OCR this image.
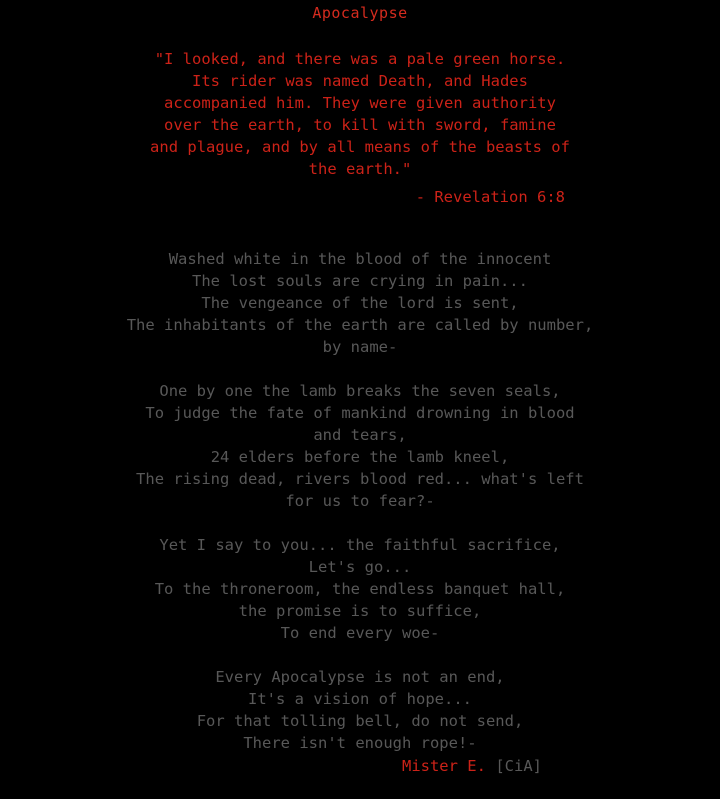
Apocalypse
"I looked, and there was a pale green horse.
Its rider was named Death, and Hades
accompanied him. They were given authority
over the earth, to kill with sword, famine
and plague, and by all means of the beasts of
the earth."
- Revelation 6:8
Washed white in the blood of the innocent
The lost souls are crying in pain...
The vengeance of the lord is sent,
The inhabitants of the earth are called by number,
by name-
One by one the lamb breaks the seven seals,
To judge the fate of mankind drowning in blood
and tears,
24 elders before the lamb kneel,
The rising dead, rivers blood red... what's left
for us to fear?-
Yet I say to you... the faithful sacrifice,
Let's go...
To the throneroom, the endless banquet hall,
the promise is to suffice,
To end every woe-
Every Apocalypse is not an end,
It's a vision of hope...
For that tolling bell, do not send,
There isn't enough rope!-

Mister E. [CiA]
